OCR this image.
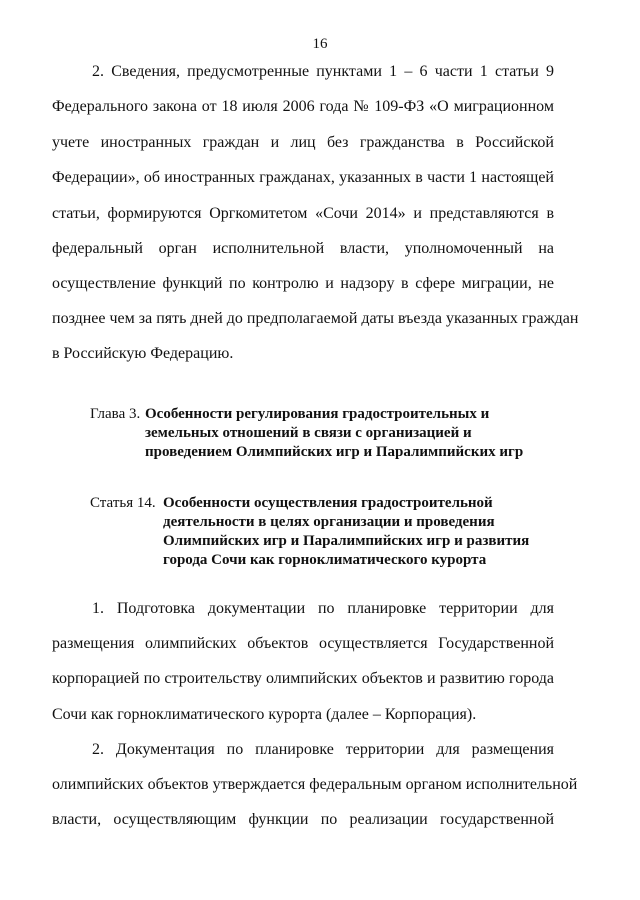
16
2. Сведения, предусмотренные пунктами 1 – 6 части 1 статьи 9
Федерального закона от 18 июля 2006 года № 109-ФЗ «О миграционном
учете иностранных граждан и лиц без гражданства в Российской
Федерации», об иностранных гражданах, указанных в части 1 настоящей
статьи, формируются Оргкомитетом «Сочи 2014» и представляются в
федеральный орган исполнительной власти, уполномоченный на
осуществление функций по контролю и надзору в сфере миграции, не
позднее чем за пять дней до предполагаемой даты въезда указанных граждан
в Российскую Федерацию.
Глава 3. Особенности регулирования градостроительных и
земельных отношений в связи с организацией и
проведением Олимпийских игр и Паралимпийских игр
Статья 14. Особенности осуществления градостроительной
деятельности в целях организации и проведения
Олимпийских игр и Паралимпийских игр и развития
города Сочи как горноклиматического курорта
1. Подготовка документации по планировке территории для
размещения олимпийских объектов осуществляется Государственной
корпорацией по строительству олимпийских объектов и развитию города
Сочи как горноклиматического курорта (далее – Корпорация).
2. Документация по планировке территории для размещения
олимпийских объектов утверждается федеральным органом исполнительной
власти, осуществляющим функции по реализации государственной
